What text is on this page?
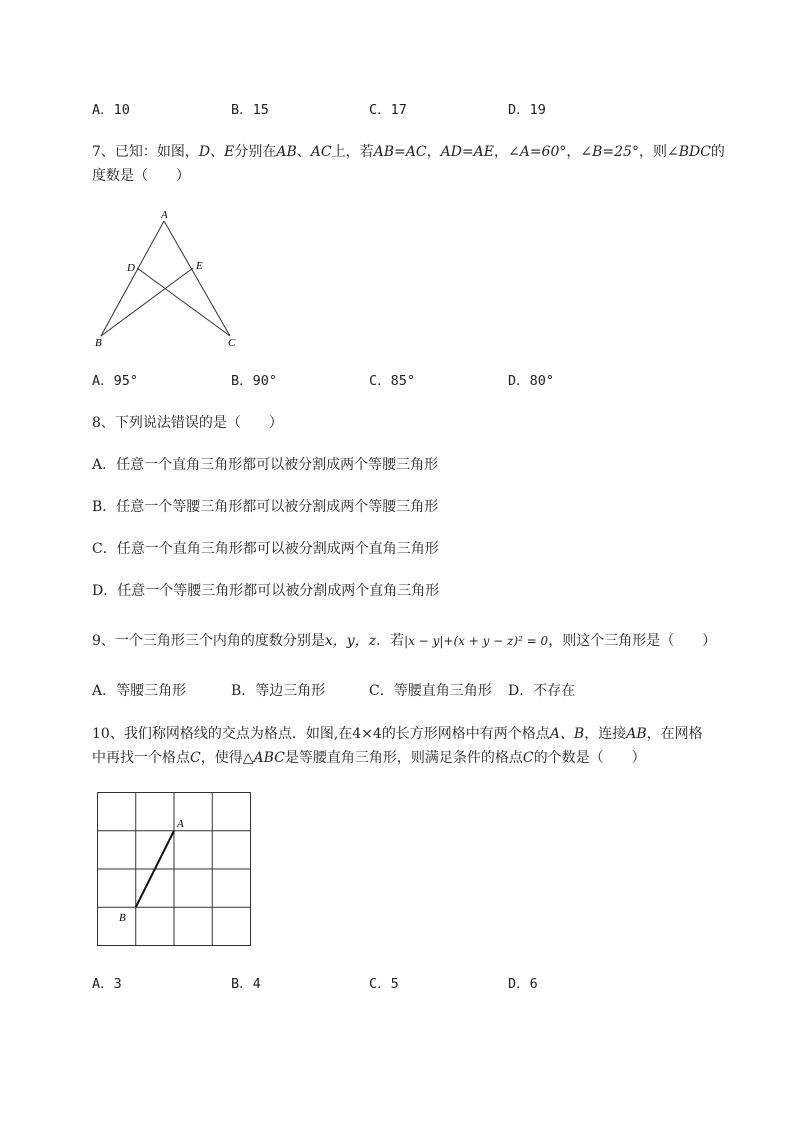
A．10	B．15	C．17	D．19
7、已知：如图，D、E分别在AB、AC上，若AB=AC，AD=AE，∠A=60°，∠B=25°，则∠BDC的
度数是（　　）
A
D	E
B	C
A．95°	B．90°	C．85°	D．80°
8、下列说法错误的是（　　）
A．任意一个直角三角形都可以被分割成两个等腰三角形
B．任意一个等腰三角形都可以被分割成两个等腰三角形
C．任意一个直角三角形都可以被分割成两个直角三角形
D．任意一个等腰三角形都可以被分割成两个直角三角形
9、一个三角形三个内角的度数分别是x，y，z．若|x − y|+(x + y − z)² = 0，则这个三角形是（　　）
A．等腰三角形	B．等边三角形	C．等腰直角三角形 D．不存在
10、我们称网格线的交点为格点．如图,在4×4的长方形网格中有两个格点A、B，连接AB，在网格
中再找一个格点C，使得△ABC是等腰直角三角形，则满足条件的格点C的个数是（　　）
A
B
A．3	B．4	C．5	D．6
